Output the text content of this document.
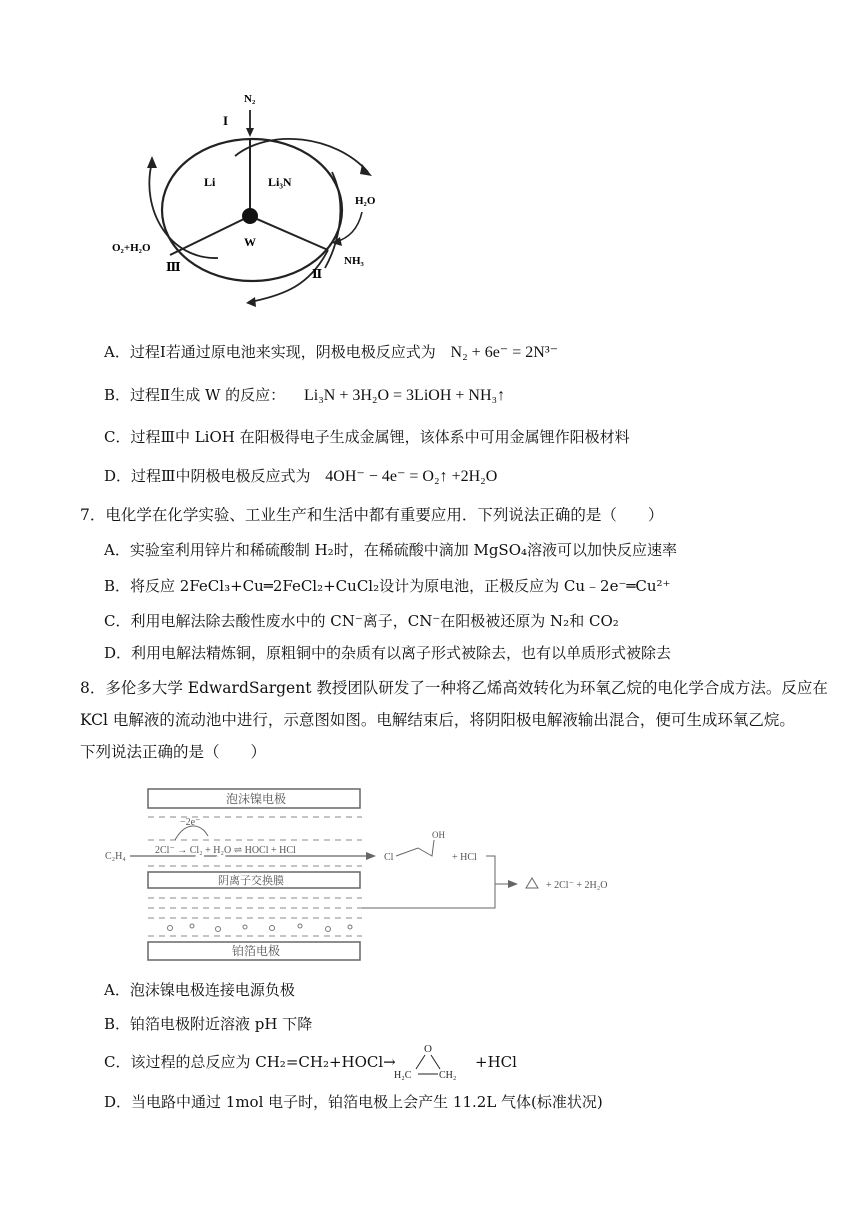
N₂
I
Li	Li₃N
H₂O
W
O₂+H₂O
Ⅲ	NH₃
Ⅱ
A．过程Ⅰ若通过原电池来实现，阴极电极反应式为 N₂ + 6e⁻ = 2N³⁻
B．过程Ⅱ生成 W 的反应： Li₃N + 3H₂O = 3LiOH + NH₃↑
C．过程Ⅲ中 LiOH 在阳极得电子生成金属锂，该体系中可用金属锂作阳极材料
D．过程Ⅲ中阴极电极反应式为 4OH⁻ − 4e⁻ = O₂↑ +2H₂O
7．电化学在化学实验、工业生产和生活中都有重要应用．下列说法正确的是（　　）
A．实验室利用锌片和稀硫酸制 H₂时，在稀硫酸中滴加 MgSO₄溶液可以加快反应速率
B．将反应 2FeCl₃+Cu═2FeCl₂+CuCl₂设计为原电池，正极反应为 Cu﹣2e⁻═Cu²⁺
C．利用电解法除去酸性废水中的 CN⁻离子，CN⁻在阳极被还原为 N₂和 CO₂
D．利用电解法精炼铜，原粗铜中的杂质有以离子形式被除去，也有以单质形式被除去
8．多伦多大学 EdwardSargent 教授团队研发了一种将乙烯高效转化为环氧乙烷的电化学合成方法。反应在
KCl 电解液的流动池中进行，示意图如图。电解结束后，将阴阳极电解液输出混合，便可生成环氧乙烷。
下列说法正确的是（　　）
泡沫镍电极
−2e⁻
C₂H₄
2Cl⁻ → Cl₂ + H₂O ⇌ HOCl + HCl
阴离子交换膜
铂箔电极
Cl
OH
+ HCl
+ 2Cl⁻ + 2H₂O
A．泡沫镍电极连接电源负极
B．铂箔电极附近溶液 pH 下降
C．该过程的总反应为 CH₂=CH₂+HOCl→
O
H₂C	CH₂
+HCl
D．当电路中通过 1mol 电子时，铂箔电极上会产生 11.2L 气体(标准状况)
